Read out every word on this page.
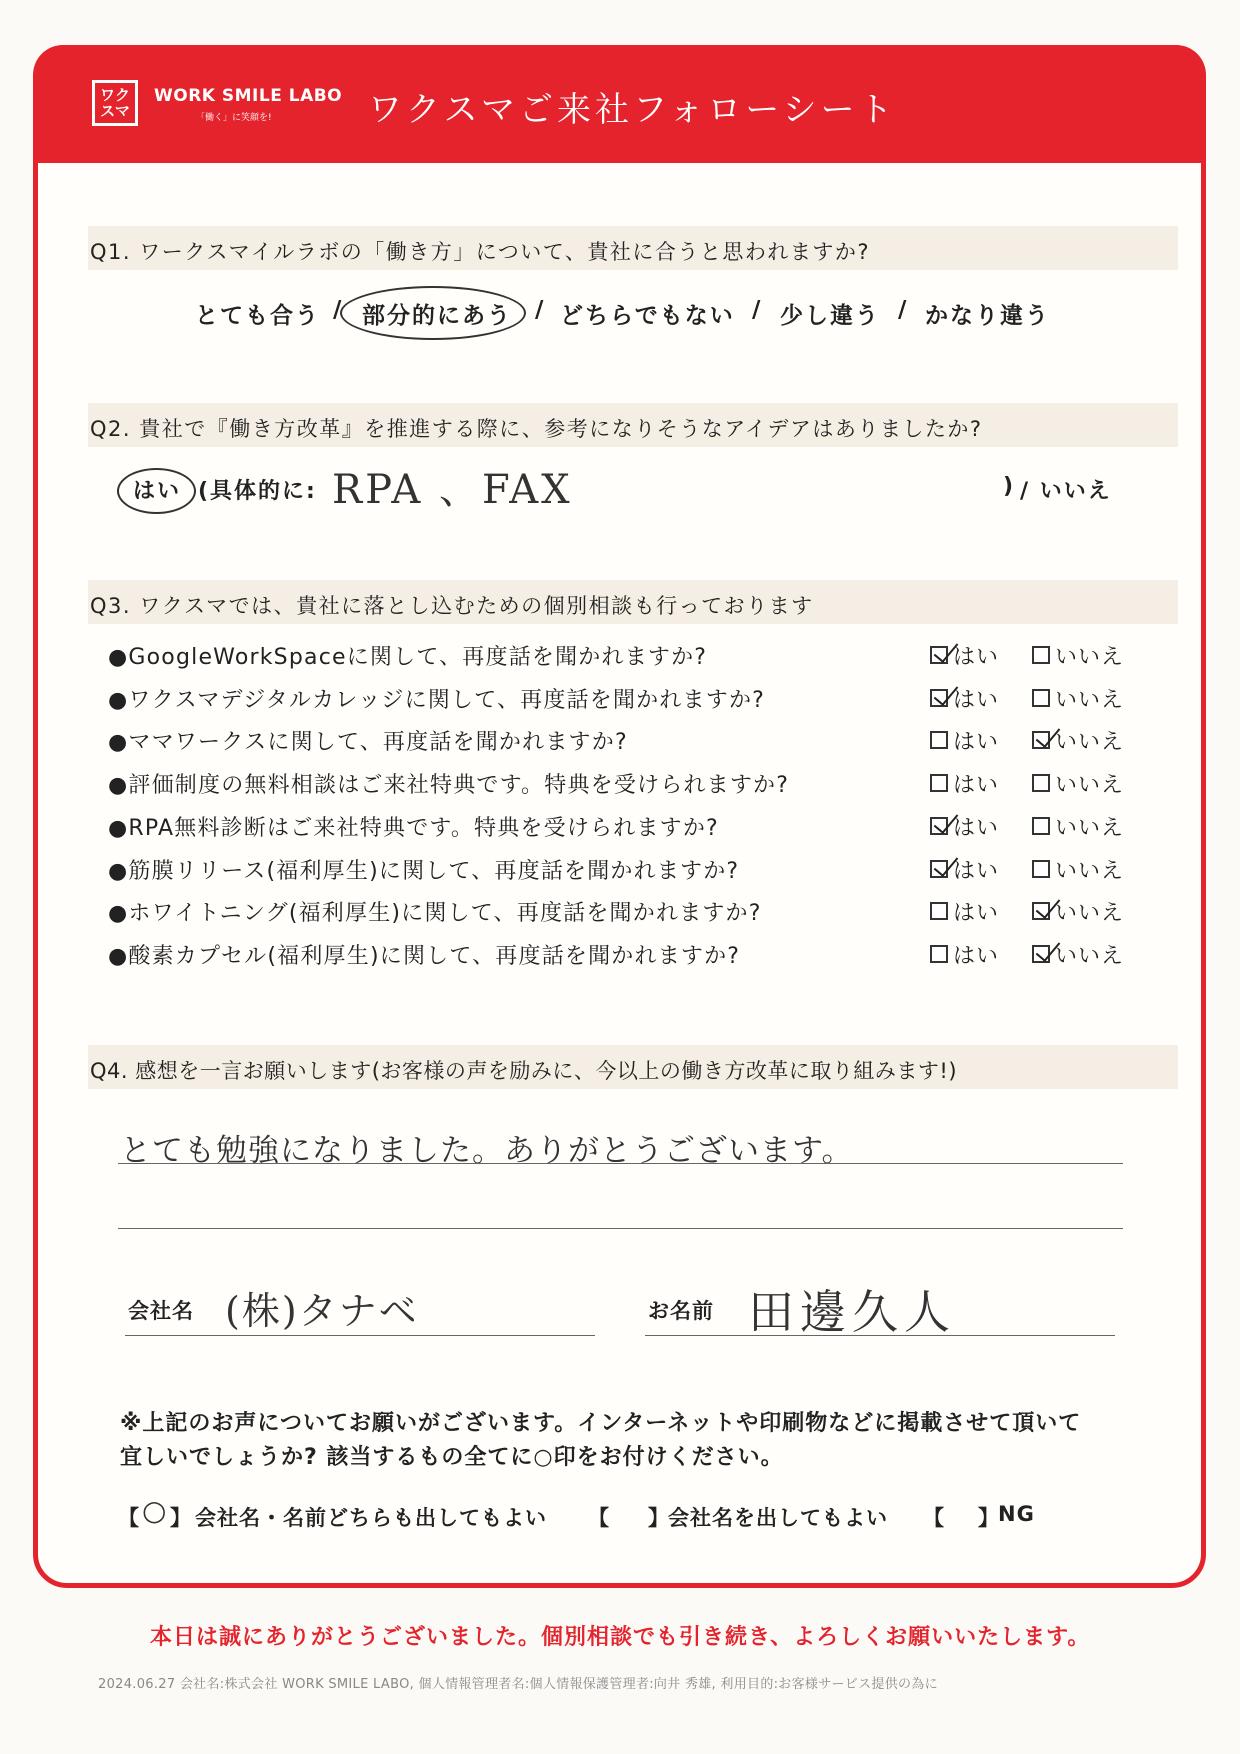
ワク スマ
WORK SMILE LABO
「働く」に笑顔を!	ワクスマご来社フォローシート
Q1. ワークスマイルラボの「働き方」について、貴社に合うと思われますか?
とても合う / 部分的にあう / どちらでもない / 少し違う / かなり違う
Q2. 貴社で『働き方改革』を推進する際に、参考になりそうなアイデアはありましたか?
はい (具体的に: RPA 、FAX	) / いいえ
Q3. ワクスマでは、貴社に落とし込むための個別相談も行っております
●GoogleWorkSpaceに関して、再度話を聞かれますか?	はい	いいえ
●ワクスマデジタルカレッジに関して、再度話を聞かれますか?	はい	いいえ
●ママワークスに関して、再度話を聞かれますか?	はい	いいえ
●評価制度の無料相談はご来社特典です。特典を受けられますか?	はい	いいえ
●RPA無料診断はご来社特典です。特典を受けられますか?	はい	いいえ
●筋膜リリース(福利厚生)に関して、再度話を聞かれますか?	はい	いいえ
●ホワイトニング(福利厚生)に関して、再度話を聞かれますか?	はい	いいえ
●酸素カプセル(福利厚生)に関して、再度話を聞かれますか?	はい	いいえ
Q4. 感想を一言お願いします(お客様の声を励みに、今以上の働き方改革に取り組みます!)
とても勉強になりました。ありがとうございます。
会社名 (株)タナベ	お名前 田邊久人
※上記のお声についてお願いがございます。インターネットや印刷物などに掲載させて頂いて
宜しいでしょうか? 該当するもの全てに○印をお付けください。
【 ○ 】 会社名・名前どちらも出してもよい 【 】
会社名を出してもよい 【 】
NG
本日は誠にありがとうございました。個別相談でも引き続き、よろしくお願いいたします。
2024.06.27 会社名:株式会社 WORK SMILE LABO, 個人情報管理者名:個人情報保護管理者:向井 秀雄, 利用目的:お客様サービス提供の為に
